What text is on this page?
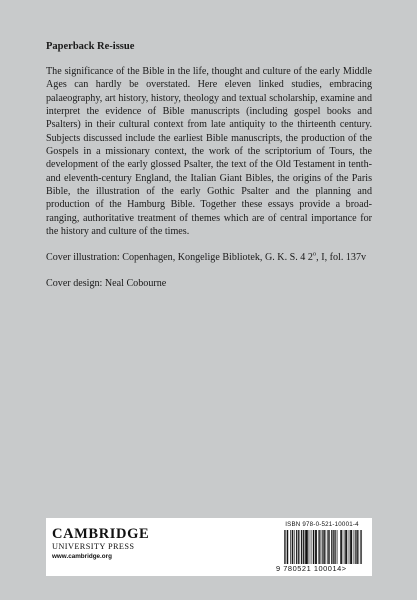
Paperback Re-issue

The significance of the Bible in the life, thought and culture of the early Middle Ages can hardly be overstated. Here eleven linked studies, embracing palaeography, art history, history, theology and textual scholarship, examine and interpret the evidence of Bible manuscripts (including gospel books and Psalters) in their cultural context from late antiquity to the thirteenth century. Subjects discussed include the earliest Bible manuscripts, the production of the Gospels in a missionary context, the work of the scriptorium of Tours, the development of the early glossed Psalter, the text of the Old Testament in tenth- and eleventh-century England, the Italian Giant Bibles, the origins of the Paris Bible, the illustration of the early Gothic Psalter and the planning and production of the Hamburg Bible. Together these essays provide a broad-ranging, authoritative treatment of themes which are of central importance for the history and culture of the times.

Cover illustration: Copenhagen, Kongelige Bibliotek, G. K. S. 4 2$^o$, I, fol. 137v

Cover design: Neal Cobourne

CAMBRIDGE
UNIVERSITY PRESS
www.cambridge.org
ISBN 978-0-521-10001-4
9 780521 100014>
